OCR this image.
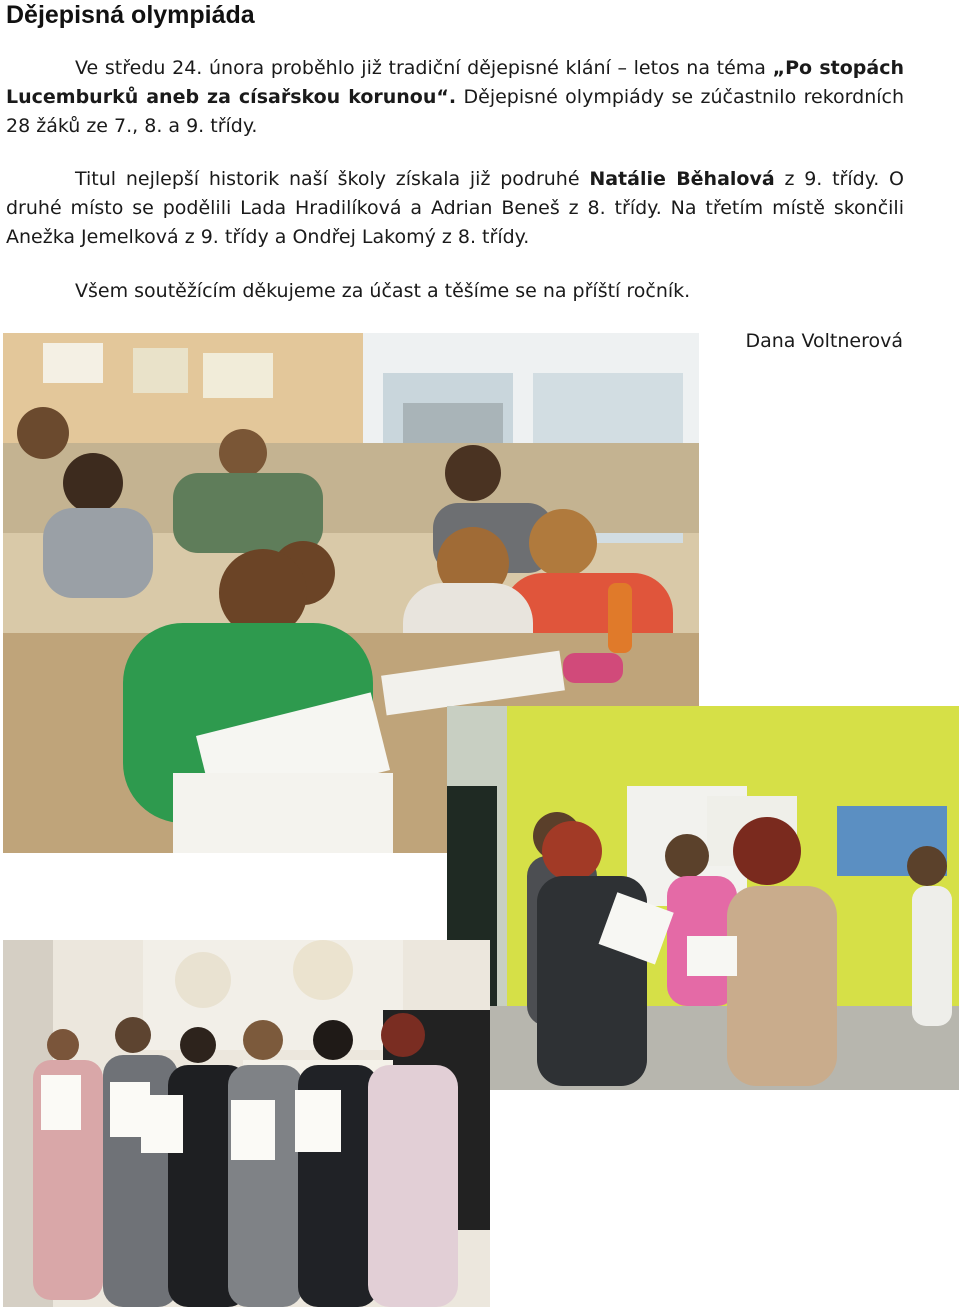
Dějepisná olympiáda

Ve středu 24. února proběhlo již tradiční dějepisné klání – letos na téma „Po stopách Lucemburků aneb za císařskou korunou“. Dějepisné olympiády se zúčastnilo rekordních 28 žáků ze 7., 8. a 9. třídy.

Titul nejlepší historik naší školy získala již podruhé Natálie Běhalová z 9. třídy. O druhé místo se podělili Lada Hradilíková a Adrian Beneš z 8. třídy. Na třetím místě skončili Anežka Jemelková z 9. třídy a Ondřej Lakomý z 8. třídy.

Všem soutěžícím děkujeme za účast a těšíme se na příští ročník.

Dana Voltnerová
